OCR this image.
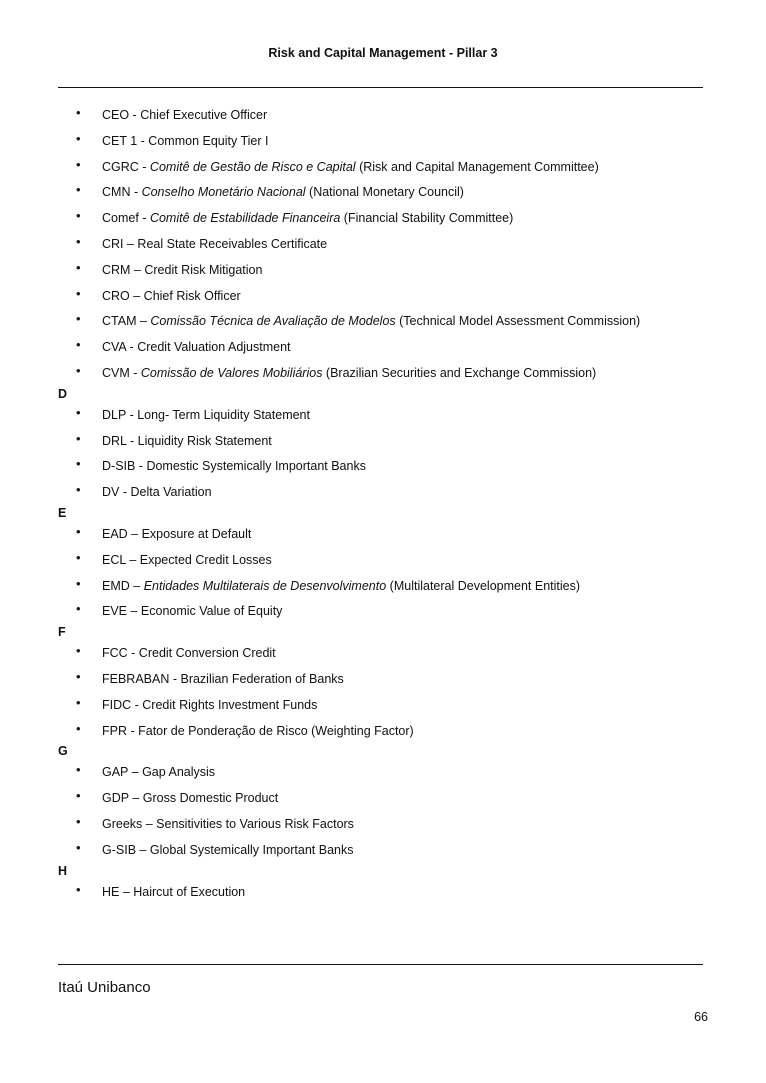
Risk and Capital Management - Pillar 3
• CEO - Chief Executive Officer
• CET 1 - Common Equity Tier I
• CGRC - Comitê de Gestão de Risco e Capital (Risk and Capital Management Committee)
• CMN - Conselho Monetário Nacional (National Monetary Council)
• Comef - Comitê de Estabilidade Financeira (Financial Stability Committee)
• CRI – Real State Receivables Certificate
• CRM – Credit Risk Mitigation
• CRO – Chief Risk Officer
• CTAM – Comissão Técnica de Avaliação de Modelos (Technical Model Assessment Commission)
• CVA - Credit Valuation Adjustment
• CVM - Comissão de Valores Mobiliários (Brazilian Securities and Exchange Commission)
D
• DLP - Long- Term Liquidity Statement
• DRL - Liquidity Risk Statement
• D-SIB - Domestic Systemically Important Banks
• DV - Delta Variation
E
• EAD – Exposure at Default
• ECL – Expected Credit Losses
• EMD – Entidades Multilaterais de Desenvolvimento (Multilateral Development Entities)
• EVE – Economic Value of Equity
F
• FCC - Credit Conversion Credit
• FEBRABAN - Brazilian Federation of Banks
• FIDC - Credit Rights Investment Funds
• FPR - Fator de Ponderação de Risco (Weighting Factor)
G
• GAP – Gap Analysis
• GDP – Gross Domestic Product
• Greeks – Sensitivities to Various Risk Factors
• G-SIB – Global Systemically Important Banks
H
• HE – Haircut of Execution
Itaú Unibanco
66
